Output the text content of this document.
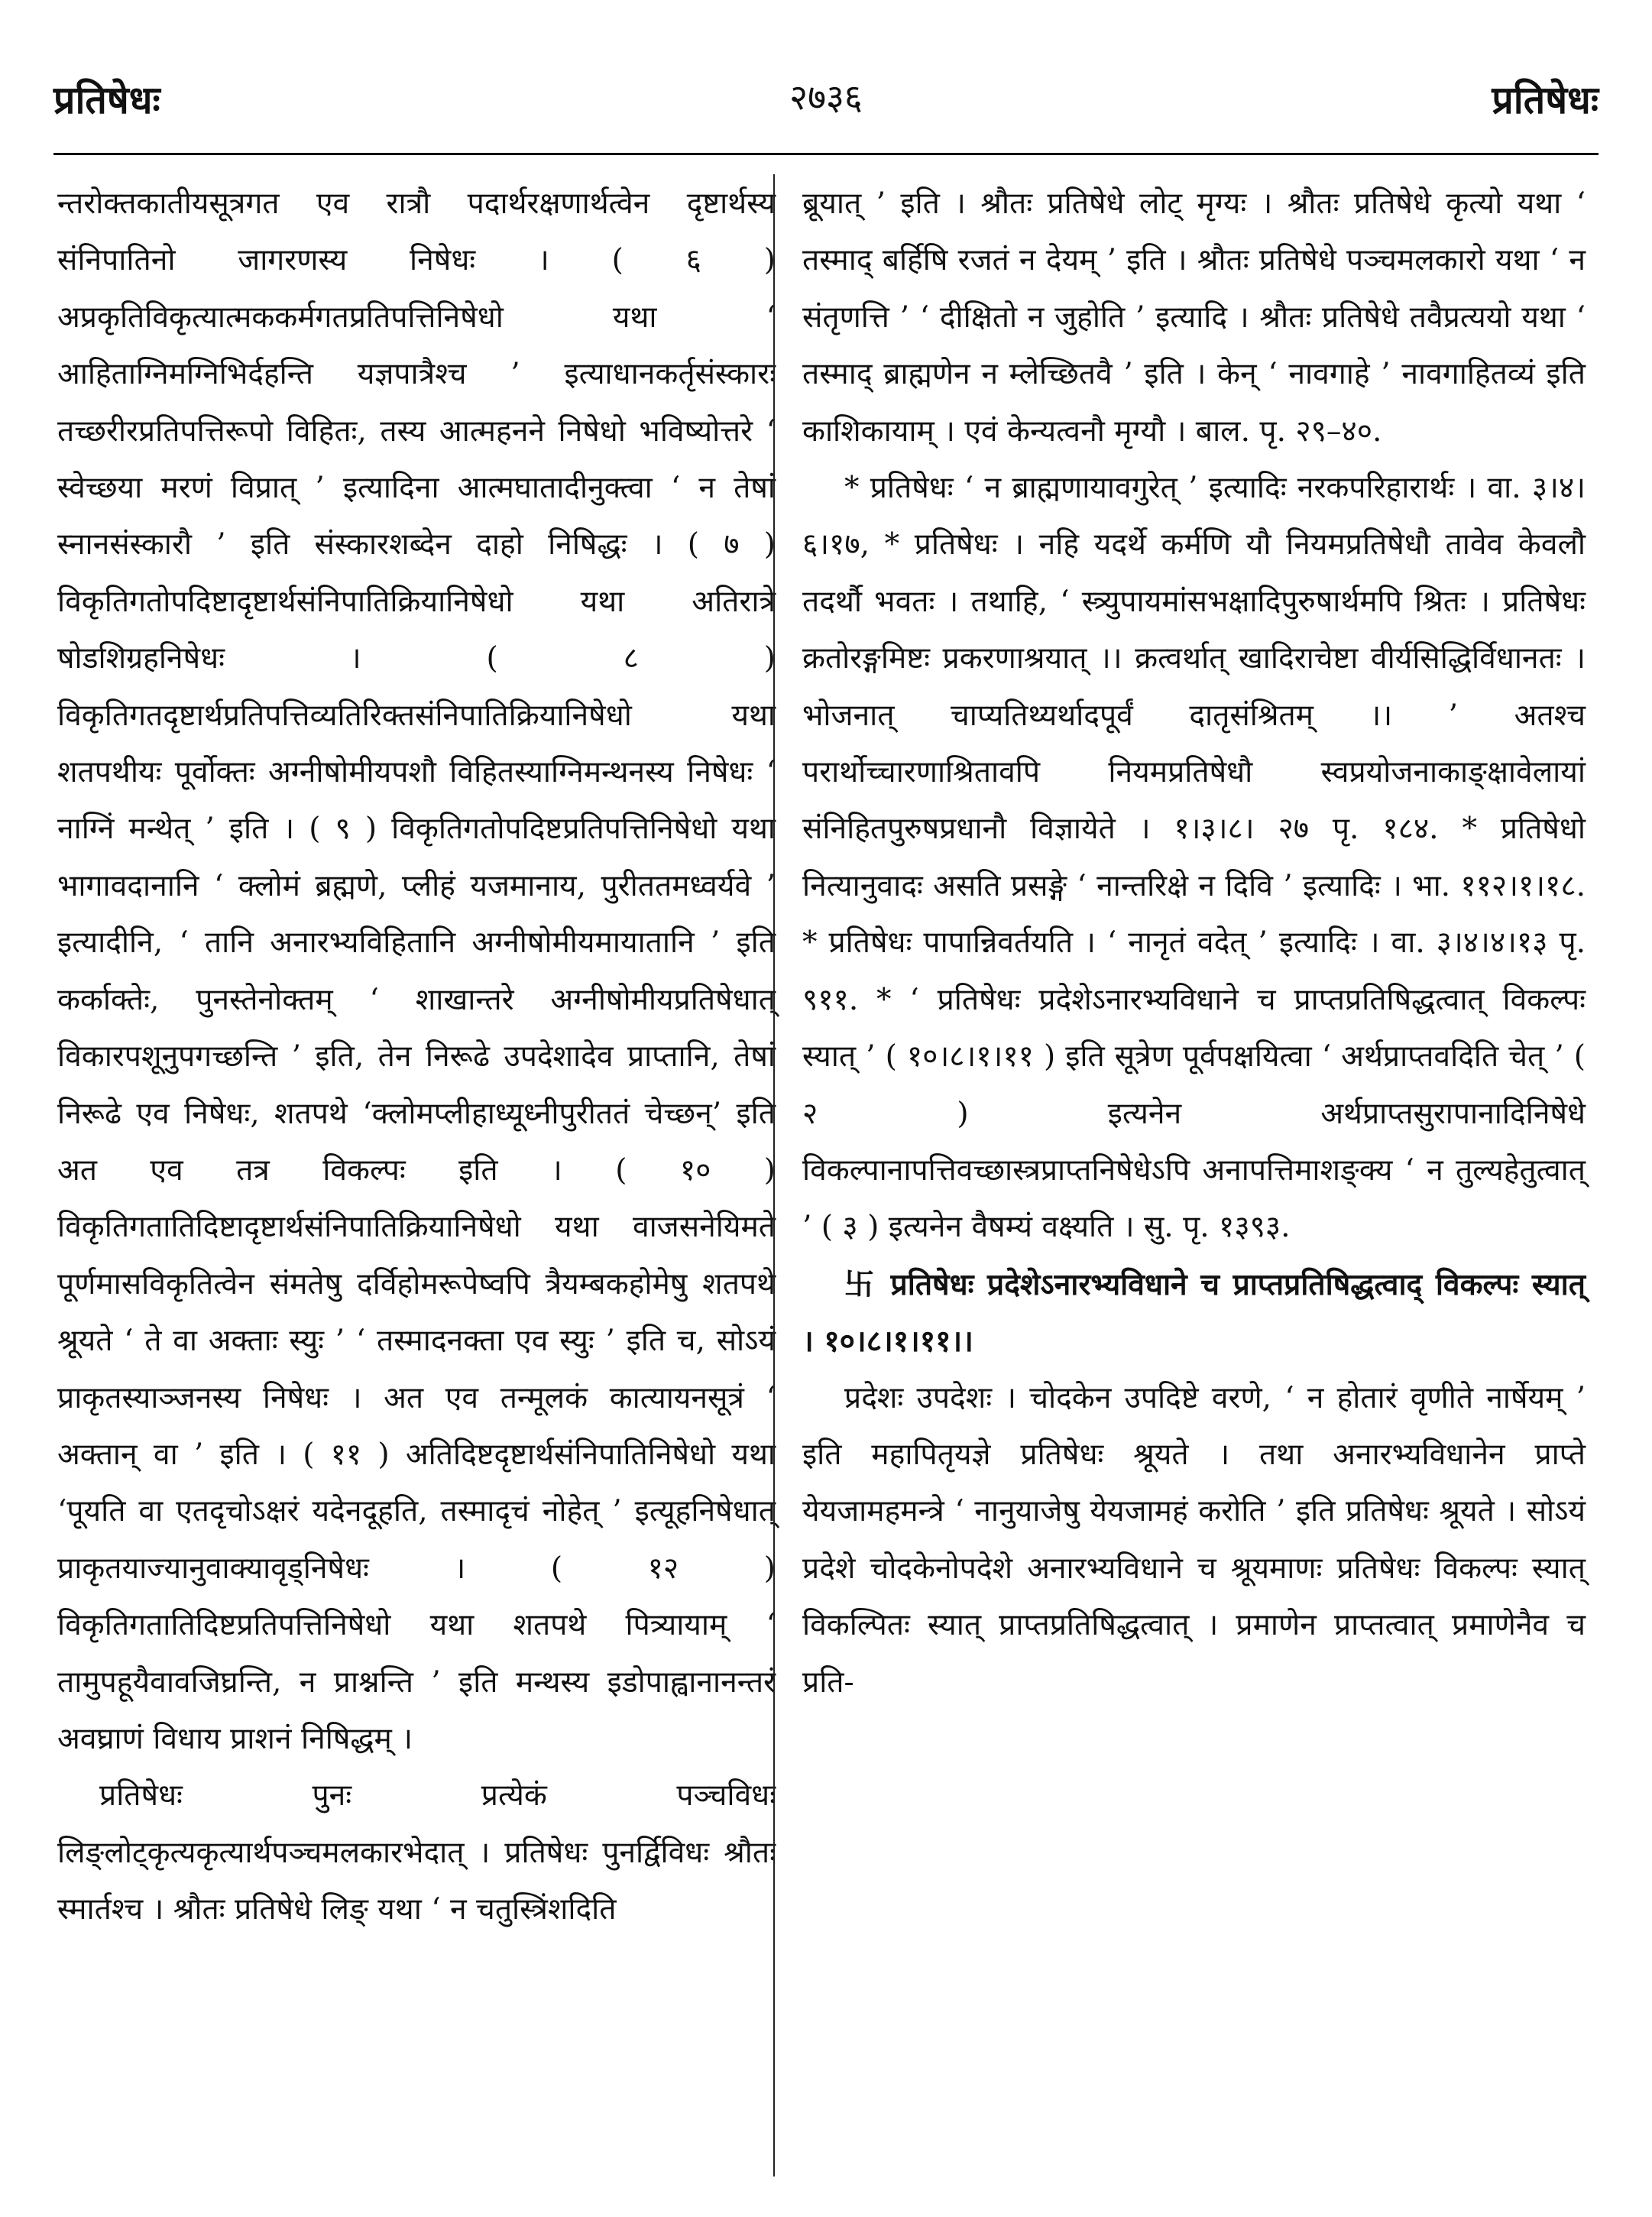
प्रतिषेधः	२७३६	प्रतिषेधः

न्तरोक्तकातीयसूत्रगत एव रात्रौ पदार्थरक्षणार्थत्वेन दृष्टार्थस्य संनिपातिनो जागरणस्य निषेधः । ( ६ ) अप्रकृतिविकृत्यात्मककर्मगतप्रतिपत्तिनिषेधो यथा ‘ आहिताग्निमग्निभिर्दहन्ति यज्ञपात्रैश्च ’ इत्याधानकर्तृसंस्कारः तच्छरीरप्रतिपत्तिरूपो विहितः, तस्य आत्महनने निषेधो भविष्योत्तरे ‘ स्वेच्छया मरणं विप्रात् ’ इत्यादिना आत्मघातादीनुक्त्वा ‘ न तेषां स्नानसंस्कारौ ’ इति संस्कारशब्देन दाहो निषिद्धः । ( ७ ) विकृतिगतोपदिष्टादृष्टार्थसंनिपातिक्रियानिषेधो यथा अतिरात्रे षोडशिग्रहनिषेधः । ( ८ ) विकृतिगतदृष्टार्थप्रतिपत्तिव्यतिरिक्तसंनिपातिक्रियानिषेधो यथा शतपथीयः पूर्वोक्तः अग्नीषोमीयपशौ विहितस्याग्निमन्थनस्य निषेधः ‘ नाग्निं मन्थेत् ’ इति । ( ९ ) विकृतिगतोपदिष्टप्रतिपत्तिनिषेधो यथा भागावदानानि ‘ क्लोमं ब्रह्मणे, प्लीहं यजमानाय, पुरीततमध्वर्यवे ’ इत्यादीनि, ‘ तानि अनारभ्यविहितानि अग्नीषोमीयमायातानि ’ इति कर्काक्तेः, पुनस्तेनोक्तम् ‘ शाखान्तरे अग्नीषोमीयप्रतिषेधात् विकारपशूनुपगच्छन्ति ’ इति, तेन निरूढे उपदेशादेव प्राप्तानि, तेषां निरूढे एव निषेधः, शतपथे ‘क्लोमप्लीहाध्यूध्नीपुरीततं चेच्छन्’ इति अत एव तत्र विकल्पः इति । ( १० ) विकृतिगतातिदिष्टादृष्टार्थसंनिपातिक्रियानिषेधो यथा वाजसनेयिमते पूर्णमासविकृतित्वेन संमतेषु दर्विहोमरूपेष्वपि त्रैयम्बकहोमेषु शतपथे श्रूयते ‘ ते वा अक्ताः स्युः ’ ‘ तस्मादनक्ता एव स्युः ’ इति च, सोऽयं प्राकृतस्याञ्जनस्य निषेधः । अत एव तन्मूलकं कात्यायनसूत्रं ‘ अक्तान् वा ’ इति । ( ११ ) अतिदिष्टदृष्टार्थसंनिपातिनिषेधो यथा ‘पूयति वा एतदृचोऽक्षरं यदेनदूहति, तस्मादृचं नोहेत् ’ इत्यूहनिषेधात् प्राकृतयाज्यानुवाक्यावृड्निषेधः । ( १२ ) विकृतिगतातिदिष्टप्रतिपत्तिनिषेधो यथा शतपथे पित्र्यायाम् ‘ तामुपहूयैवावजिघ्रन्ति, न प्राश्नन्ति ’ इति मन्थस्य इडोपाह्वानानन्तरं अवघ्राणं विधाय प्राशनं निषिद्धम् ।

प्रतिषेधः पुनः प्रत्येकं पञ्चविधः लिङ्लोट्कृत्यकृत्यार्थपञ्चमलकारभेदात् । प्रतिषेधः पुनर्द्विविधः श्रौतः स्मार्तश्च । श्रौतः प्रतिषेधे लिङ् यथा ‘ न चतुस्त्रिंशदिति

ब्रूयात् ’ इति । श्रौतः प्रतिषेधे लोट् मृग्यः । श्रौतः प्रतिषेधे कृत्यो यथा ‘ तस्माद् बर्हिषि रजतं न देयम् ’ इति । श्रौतः प्रतिषेधे पञ्चमलकारो यथा ‘ न संतृणत्ति ’ ‘ दीक्षितो न जुहोति ’ इत्यादि । श्रौतः प्रतिषेधे तवैप्रत्ययो यथा ‘ तस्माद् ब्राह्मणेन न म्लेच्छितवै ’ इति । केन् ‘ नावगाहे ’ नावगाहितव्यं इति काशिकायाम् । एवं केन्यत्वनौ मृग्यौ । बाल. पृ. २९–४०.

* प्रतिषेधः ‘ न ब्राह्मणायावगुरेत् ’ इत्यादिः नरकपरिहारार्थः । वा. ३।४।६।१७, * प्रतिषेधः । नहि यदर्थे कर्मणि यौ नियमप्रतिषेधौ तावेव केवलौ तदर्थौ भवतः । तथाहि, ‘ स्त्र्युपायमांसभक्षादिपुरुषार्थमपि श्रितः । प्रतिषेधः क्रतोरङ्गमिष्टः प्रकरणाश्रयात् ।। क्रत्वर्थात् खादिराचेष्टा वीर्यसिद्धिर्विधानतः । भोजनात् चाप्यतिथ्यर्थादपूर्वं दातृसंश्रितम् ।। ’ अतश्च परार्थोच्चारणाश्रितावपि नियमप्रतिषेधौ स्वप्रयोजनाकाङ्क्षावेलायां संनिहितपुरुषप्रधानौ विज्ञायेते । १।३।८। २७ पृ. १८४. * प्रतिषेधो नित्यानुवादः असति प्रसङ्गे ‘ नान्तरिक्षे न दिवि ’ इत्यादिः । भा. ११२।१।१८. * प्रतिषेधः पापान्निवर्तयति । ‘ नानृतं वदेत् ’ इत्यादिः । वा. ३।४।४।१३ पृ. ९११. * ‘ प्रतिषेधः प्रदेशेऽनारभ्यविधाने च प्राप्तप्रतिषिद्धत्वात् विकल्पः स्यात् ’ ( १०।८।१।११ ) इति सूत्रेण पूर्वपक्षयित्वा ‘ अर्थप्राप्तवदिति चेत् ’ ( २ ) इत्यनेन अर्थप्राप्तसुरापानादिनिषेधे विकल्पानापत्तिवच्छास्त्रप्राप्तनिषेधेऽपि अनापत्तिमाशङ्क्य ‘ न तुल्यहेतुत्वात् ’ ( ३ ) इत्यनेन वैषम्यं वक्ष्यति । सु. पृ. १३९३.

卐 प्रतिषेधः प्रदेशेऽनारभ्यविधाने च प्राप्तप्रतिषिद्धत्वाद् विकल्पः स्यात् । १०।८।१।११।।

प्रदेशः उपदेशः । चोदकेन उपदिष्टे वरणे, ‘ न होतारं वृणीते नार्षेयम् ’ इति महापितृयज्ञे प्रतिषेधः श्रूयते । तथा अनारभ्यविधानेन प्राप्ते येयजामहमन्त्रे ‘ नानुयाजेषु येयजामहं करोति ’ इति प्रतिषेधः श्रूयते । सोऽयं प्रदेशे चोदकेनोपदेशे अनारभ्यविधाने च श्रूयमाणः प्रतिषेधः विकल्पः स्यात् विकल्पितः स्यात् प्राप्तप्रतिषिद्धत्वात् । प्रमाणेन प्राप्तत्वात् प्रमाणेनैव च प्रति-
